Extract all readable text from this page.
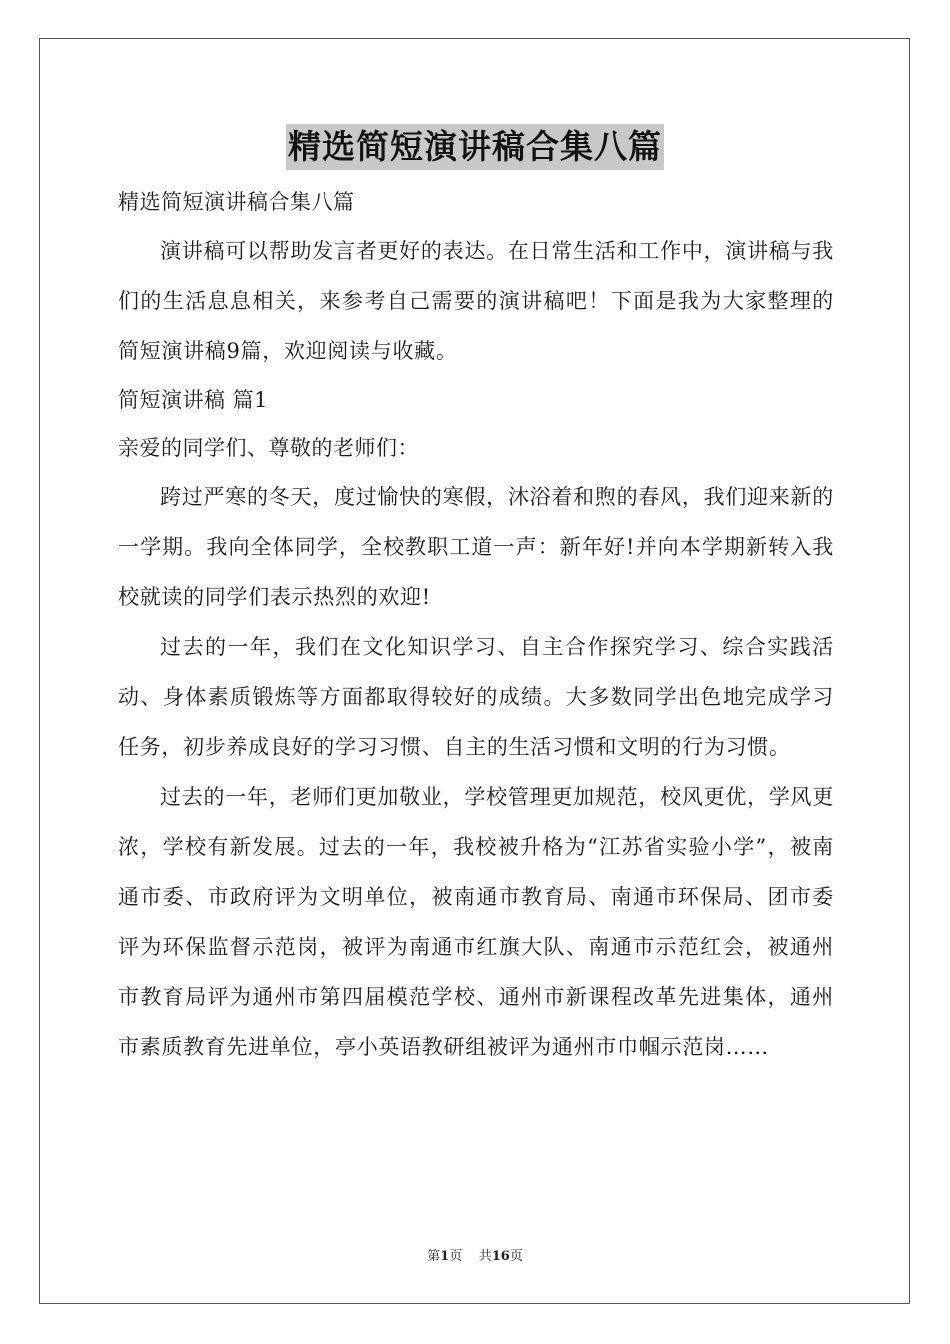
精选简短演讲稿合集八篇

精选简短演讲稿合集八篇

演讲稿可以帮助发言者更好的表达。在日常生活和工作中，演讲稿与我们的生活息息相关，来参考自己需要的演讲稿吧！下面是我为大家整理的简短演讲稿9篇，欢迎阅读与收藏。

简短演讲稿 篇1

亲爱的同学们、尊敬的老师们：

跨过严寒的冬天，度过愉快的寒假，沐浴着和煦的春风，我们迎来新的一学期。我向全体同学，全校教职工道一声：新年好!并向本学期新转入我校就读的同学们表示热烈的欢迎!

过去的一年，我们在文化知识学习、自主合作探究学习、综合实践活动、身体素质锻炼等方面都取得较好的成绩。大多数同学出色地完成学习任务，初步养成良好的学习习惯、自主的生活习惯和文明的行为习惯。

过去的一年，老师们更加敬业，学校管理更加规范，校风更优，学风更浓，学校有新发展。过去的一年，我校被升格为“江苏省实验小学”，被南通市委、市政府评为文明单位，被南通市教育局、南通市环保局、团市委评为环保监督示范岗，被评为南通市红旗大队、南通市示范红会，被通州市教育局评为通州市第四届模范学校、通州市新课程改革先进集体，通州市素质教育先进单位，亭小英语教研组被评为通州市巾帼示范岗……

第1页 共16页
